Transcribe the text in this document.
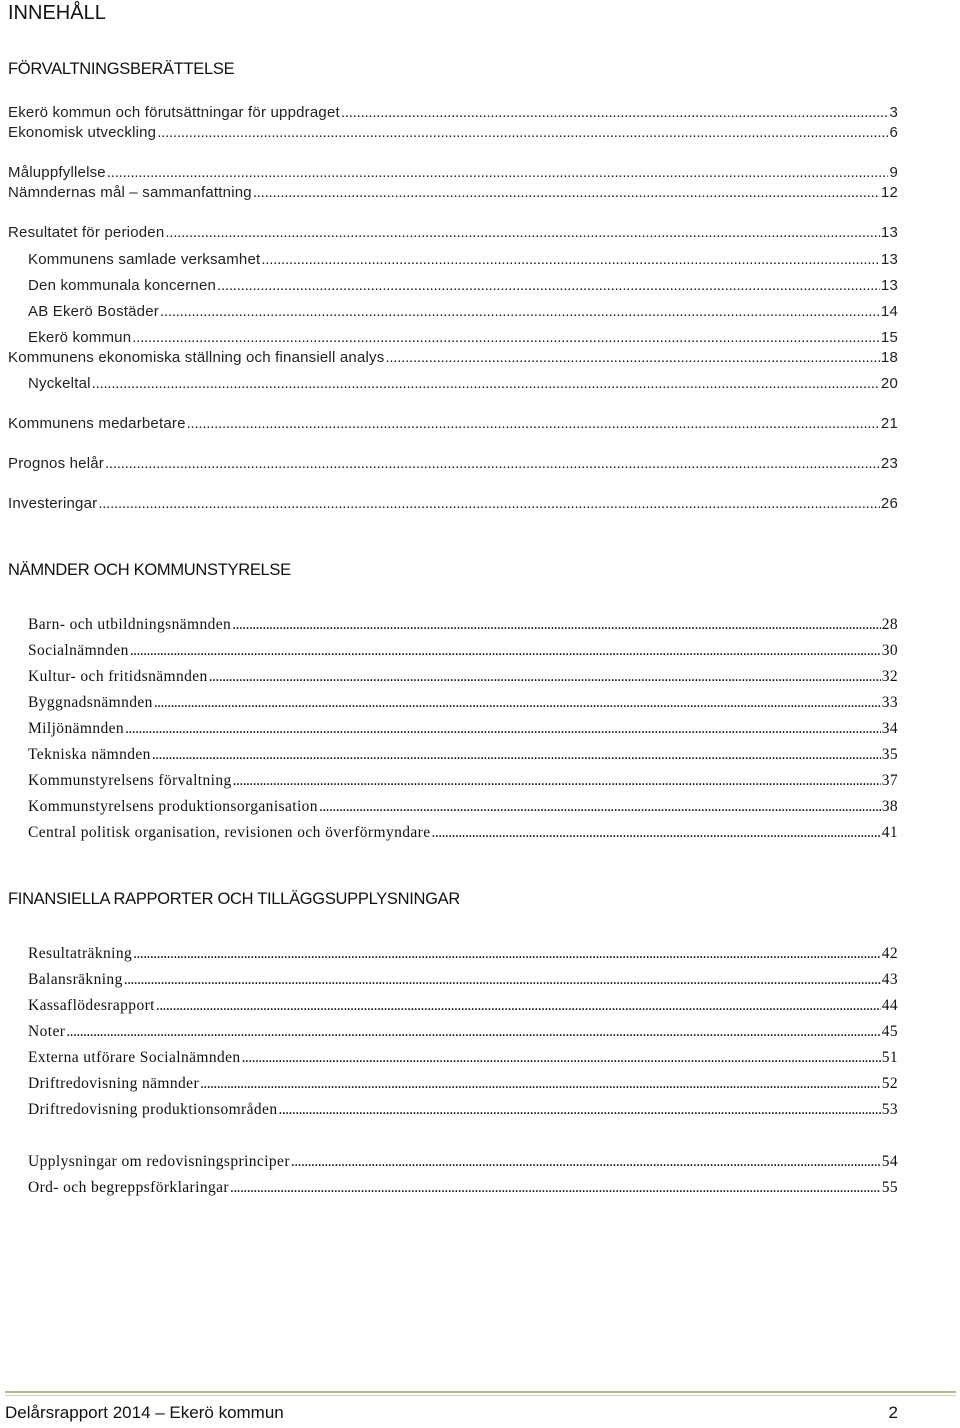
INNEHÅLL
FÖRVALTNINGSBERÄTTELSE
Ekerö kommun och förutsättningar för uppdraget . . .	3
Ekonomisk utveckling . . .	6
Måluppfyllelse . . .	9
Nämndernas mål – sammanfattning . . .	12
Resultatet för perioden . . .	13
Kommunens samlade verksamhet . . .	13
Den kommunala koncernen . . .	13
AB Ekerö Bostäder . . .	14
Ekerö kommun . . .	15
Kommunens ekonomiska ställning och finansiell analys . . .	18
Nyckeltal . . .	20
Kommunens medarbetare . . .	21
Prognos helår . . .	23
Investeringar . . .	26
NÄMNDER OCH KOMMUNSTYRELSE
Barn- och utbildningsnämnden . . .	28
Socialnämnden . . .	30
Kultur- och fritidsnämnden . . .	32
Byggnadsnämnden . . .	33
Miljönämnden . . .	34
Tekniska nämnden . . .	35
Kommunstyrelsens förvaltning . . .	37
Kommunstyrelsens produktionsorganisation . . .	38
Central politisk organisation, revisionen och överförmyndare . . .	41
FINANSIELLA RAPPORTER OCH TILLÄGGSUPPLYSNINGAR
Resultaträkning . . .	42
Balansräkning . . .	43
Kassaflödesrapport . . .	44
Noter . . .	45
Externa utförare Socialnämnden . . .	51
Driftredovisning nämnder . . .	52
Driftredovisning produktionsområden . . .	53
Upplysningar om redovisningsprinciper . . .	54
Ord- och begreppsförklaringar . . .	55
Delårsrapport 2014 – Ekerö kommun	2
